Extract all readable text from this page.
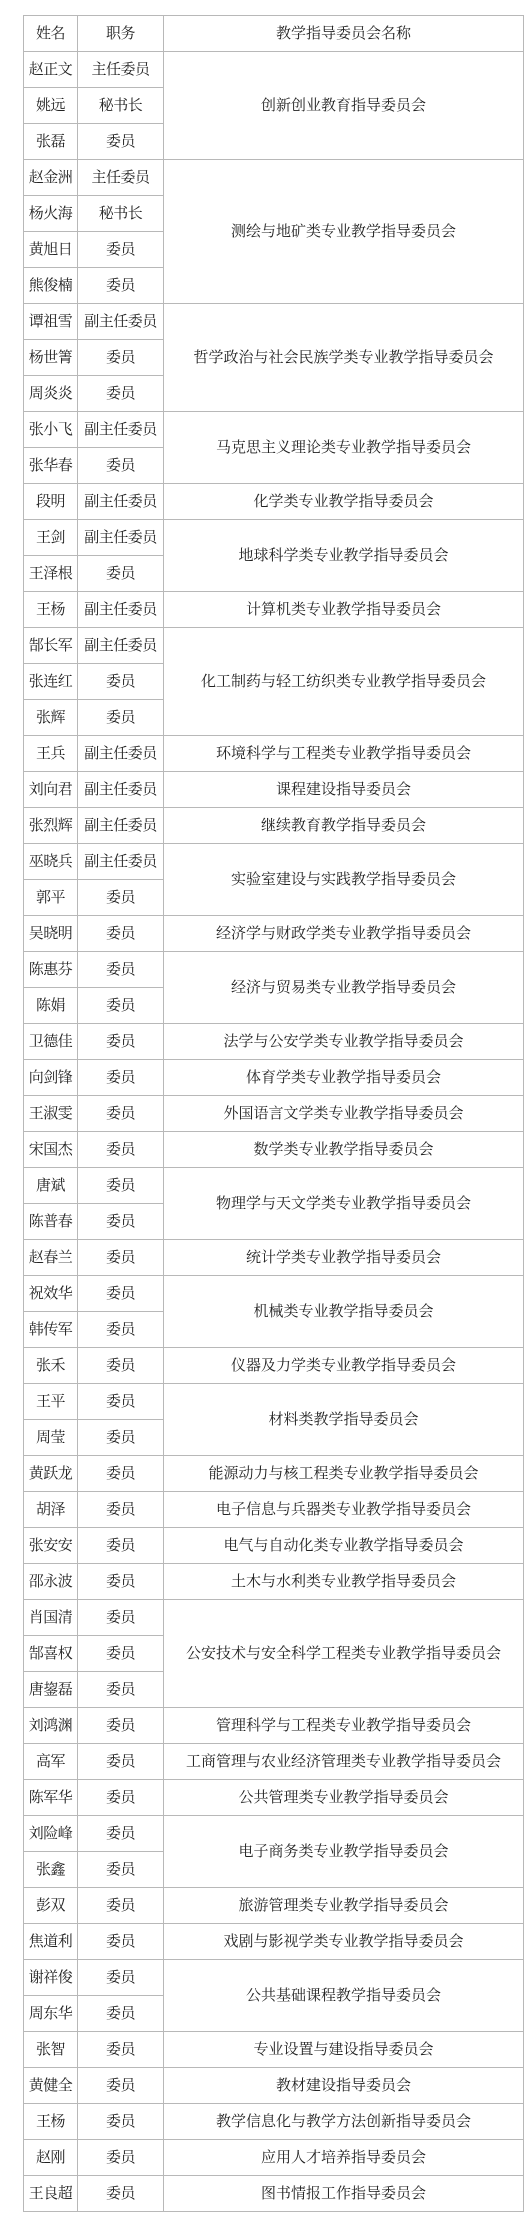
姓名	职务	教学指导委员会名称
赵正文	主任委员	创新创业教育指导委员会
姚远	秘书长	
张磊	委员	
赵金洲	主任委员	测绘与地矿类专业教学指导委员会
杨火海	秘书长	
黄旭日	委员	
熊俊楠	委员	
谭祖雪	副主任委员	哲学政治与社会民族学类专业教学指导委员会
杨世箐	委员	
周炎炎	委员	
张小飞	副主任委员	马克思主义理论类专业教学指导委员会
张华春	委员	
段明	副主任委员	化学类专业教学指导委员会
王剑	副主任委员	地球科学类专业教学指导委员会
王泽根	委员	
王杨	副主任委员	计算机类专业教学指导委员会
郜长军	副主任委员	化工制药与轻工纺织类专业教学指导委员会
张连红	委员	
张辉	委员	
王兵	副主任委员	环境科学与工程类专业教学指导委员会
刘向君	副主任委员	课程建设指导委员会
张烈辉	副主任委员	继续教育教学指导委员会
巫晓兵	副主任委员	实验室建设与实践教学指导委员会
郭平	委员	
吴晓明	委员	经济学与财政学类专业教学指导委员会
陈惠芬	委员	经济与贸易类专业教学指导委员会
陈娟	委员	
卫德佳	委员	法学与公安学类专业教学指导委员会
向剑锋	委员	体育学类专业教学指导委员会
王淑雯	委员	外国语言文学类专业教学指导委员会
宋国杰	委员	数学类专业教学指导委员会
唐斌	委员	物理学与天文学类专业教学指导委员会
陈普春	委员	
赵春兰	委员	统计学类专业教学指导委员会
祝效华	委员	机械类专业教学指导委员会
韩传军	委员	
张禾	委员	仪器及力学类专业教学指导委员会
王平	委员	材料类教学指导委员会
周莹	委员	
黄跃龙	委员	能源动力与核工程类专业教学指导委员会
胡泽	委员	电子信息与兵器类专业教学指导委员会
张安安	委员	电气与自动化类专业教学指导委员会
邵永波	委员	土木与水利类专业教学指导委员会
肖国清	委员	公安技术与安全科学工程类专业教学指导委员会
郜喜权	委员	
唐鋆磊	委员	
刘鸿渊	委员	管理科学与工程类专业教学指导委员会
高军	委员	工商管理与农业经济管理类专业教学指导委员会
陈军华	委员	公共管理类专业教学指导委员会
刘险峰	委员	电子商务类专业教学指导委员会
张鑫	委员	
彭双	委员	旅游管理类专业教学指导委员会
焦道利	委员	戏剧与影视学类专业教学指导委员会
谢祥俊	委员	公共基础课程教学指导委员会
周东华	委员	
张智	委员	专业设置与建设指导委员会
黄健全	委员	教材建设指导委员会
王杨	委员	教学信息化与教学方法创新指导委员会
赵刚	委员	应用人才培养指导委员会
王良超	委员	图书情报工作指导委员会
